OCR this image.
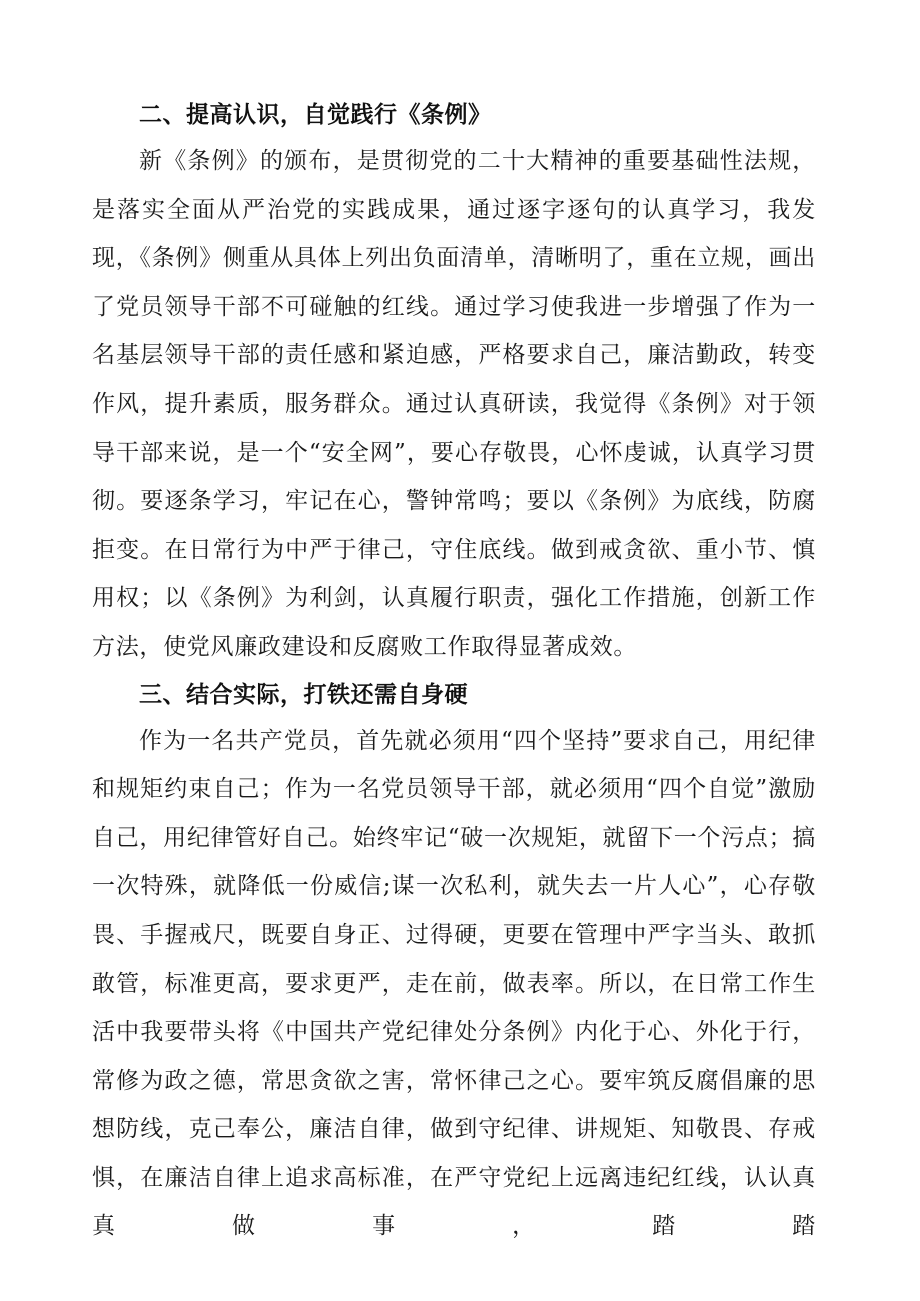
二、提高认识，自觉践行《条例》

新《条例》的颁布，是贯彻党的二十大精神的重要基础性法规，是落实全面从严治党的实践成果，通过逐字逐句的认真学习，我发现，《条例》侧重从具体上列出负面清单，清晰明了，重在立规，画出了党员领导干部不可碰触的红线。通过学习使我进一步增强了作为一名基层领导干部的责任感和紧迫感，严格要求自己，廉洁勤政，转变作风，提升素质，服务群众。通过认真研读，我觉得《条例》对于领导干部来说，是一个“安全网”，要心存敬畏，心怀虔诚，认真学习贯彻。要逐条学习，牢记在心，警钟常鸣；要以《条例》为底线，防腐拒变。在日常行为中严于律己，守住底线。做到戒贪欲、重小节、慎用权；以《条例》为利剑，认真履行职责，强化工作措施，创新工作方法，使党风廉政建设和反腐败工作取得显著成效。

三、结合实际，打铁还需自身硬

作为一名共产党员，首先就必须用“四个坚持”要求自己，用纪律和规矩约束自己；作为一名党员领导干部，就必须用“四个自觉”激励自己，用纪律管好自己。始终牢记“破一次规矩，就留下一个污点；搞一次特殊，就降低一份威信;谋一次私利，就失去一片人心”，心存敬畏、手握戒尺，既要自身正、过得硬，更要在管理中严字当头、敢抓敢管，标准更高，要求更严，走在前，做表率。所以，在日常工作生活中我要带头将《中国共产党纪律处分条例》内化于心、外化于行，常修为政之德，常思贪欲之害，常怀律己之心。要牢筑反腐倡廉的思想防线，克己奉公，廉洁自律，做到守纪律、讲规矩、知敬畏、存戒惧，在廉洁自律上追求高标准，在严守党纪上远离违纪红线，认认真真做事，踏踏
